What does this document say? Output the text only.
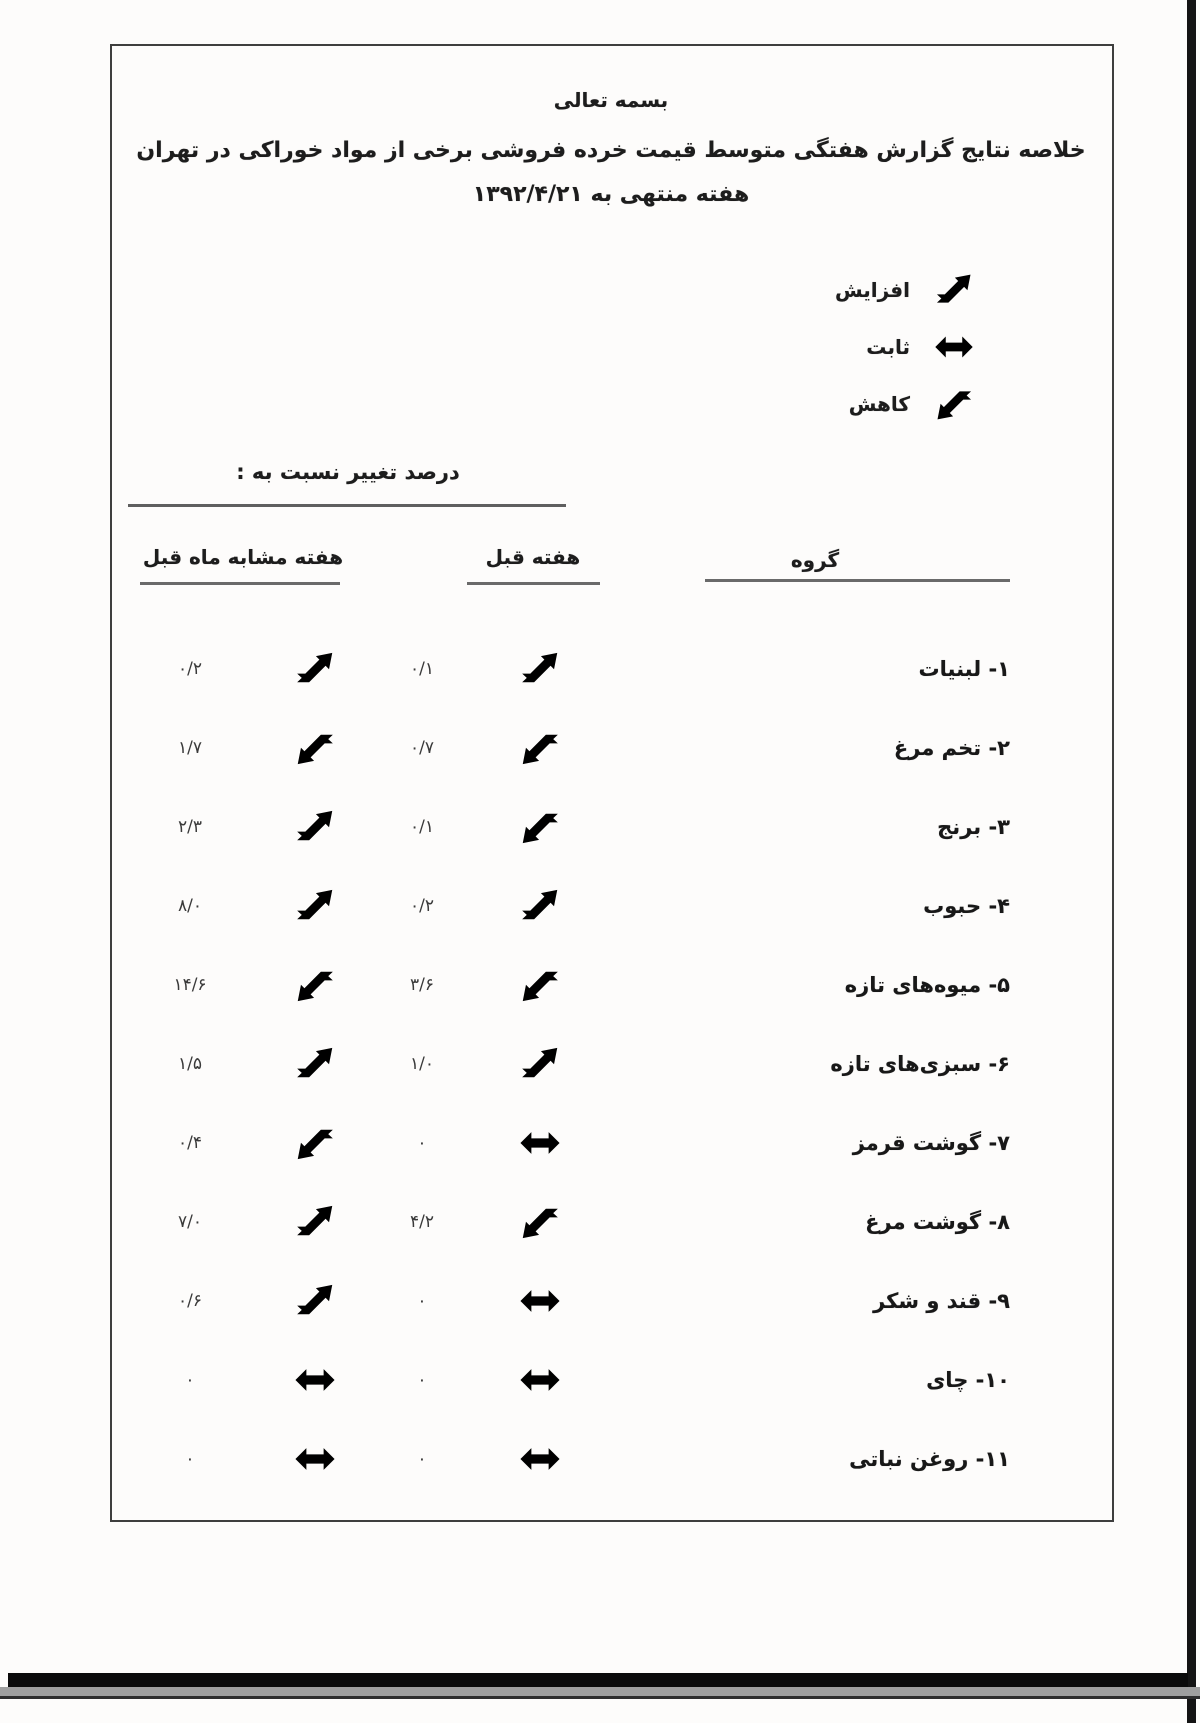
بسمه تعالی
خلاصه نتایج گزارش هفتگی متوسط قیمت خرده فروشی برخی از مواد خوراکی در تهران
هفته منتهی به ۱۳۹۲/۴/۲۱
افزایش
ثابت
کاهش
درصد تغییر نسبت به :
هفته مشابه ماه قبل	هفته قبل	گروه
۰/۲	۰/۱	۱- لبنیات
۱/۷	۰/۷	۲- تخم مرغ
۲/۳	۰/۱	۳- برنج
۸/۰	۰/۲	۴- حبوب
۱۴/۶	۳/۶	۵- میوه‌های تازه
۱/۵	۱/۰	۶- سبزی‌های تازه
۰/۴	۰	۷- گوشت قرمز
۷/۰	۴/۲	۸- گوشت مرغ
۰/۶	۰	۹- قند و شکر
۰	۰	۱۰- چای
۰	۰	۱۱- روغن نباتی
